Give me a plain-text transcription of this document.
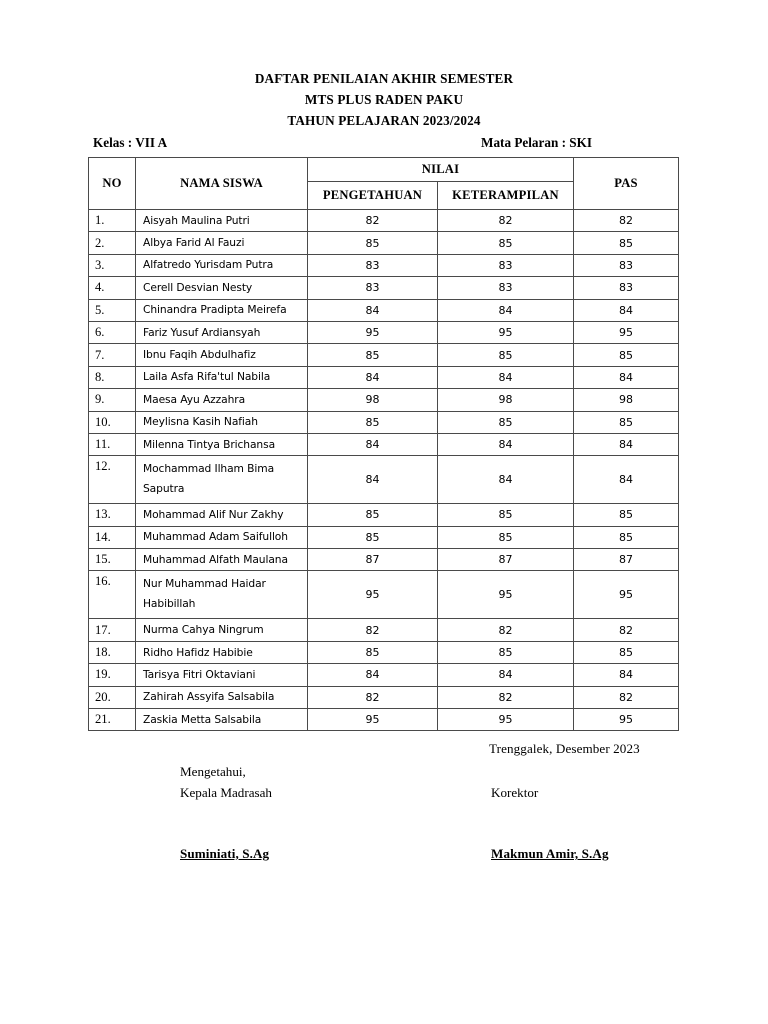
DAFTAR PENILAIAN AKHIR SEMESTER
MTS PLUS RADEN PAKU
TAHUN PELAJARAN 2023/2024
Kelas : VII A	Mata Pelaran : SKI
NO	NAMA SISWA	NILAI		PAS
		PENGETAHUAN	KETERAMPILAN	
1.	Aisyah Maulina Putri	82	82	82
2.	Albya Farid Al Fauzi	85	85	85
3.	Alfatredo Yurisdam Putra	83	83	83
4.	Cerell Desvian Nesty	83	83	83
5.	Chinandra Pradipta Meirefa	84	84	84
6.	Fariz Yusuf Ardiansyah	95	95	95
7.	Ibnu Faqih Abdulhafiz	85	85	85
8.	Laila Asfa Rifa'tul Nabila	84	84	84
9.	Maesa Ayu Azzahra	98	98	98
10.	Meylisna Kasih Nafiah	85	85	85
11.	Milenna Tintya Brichansa	84	84	84
12.	Mochammad Ilham Bima
Saputra	84	84	84
13.	Mohammad Alif Nur Zakhy	85	85	85
14.	Muhammad Adam Saifulloh	85	85	85
15.	Muhammad Alfath Maulana	87	87	87
16.	Nur Muhammad Haidar
Habibillah	95	95	95
17.	Nurma Cahya Ningrum	82	82	82
18.	Ridho Hafidz Habibie	85	85	85
19.	Tarisya Fitri Oktaviani	84	84	84
20.	Zahirah Assyifa Salsabila	82	82	82
21.	Zaskia Metta Salsabila	95	95	95
Trenggalek, Desember 2023
Mengetahui,
Kepala Madrasah	Korektor
Suminiati, S.Ag	Makmun Amir, S.Ag
